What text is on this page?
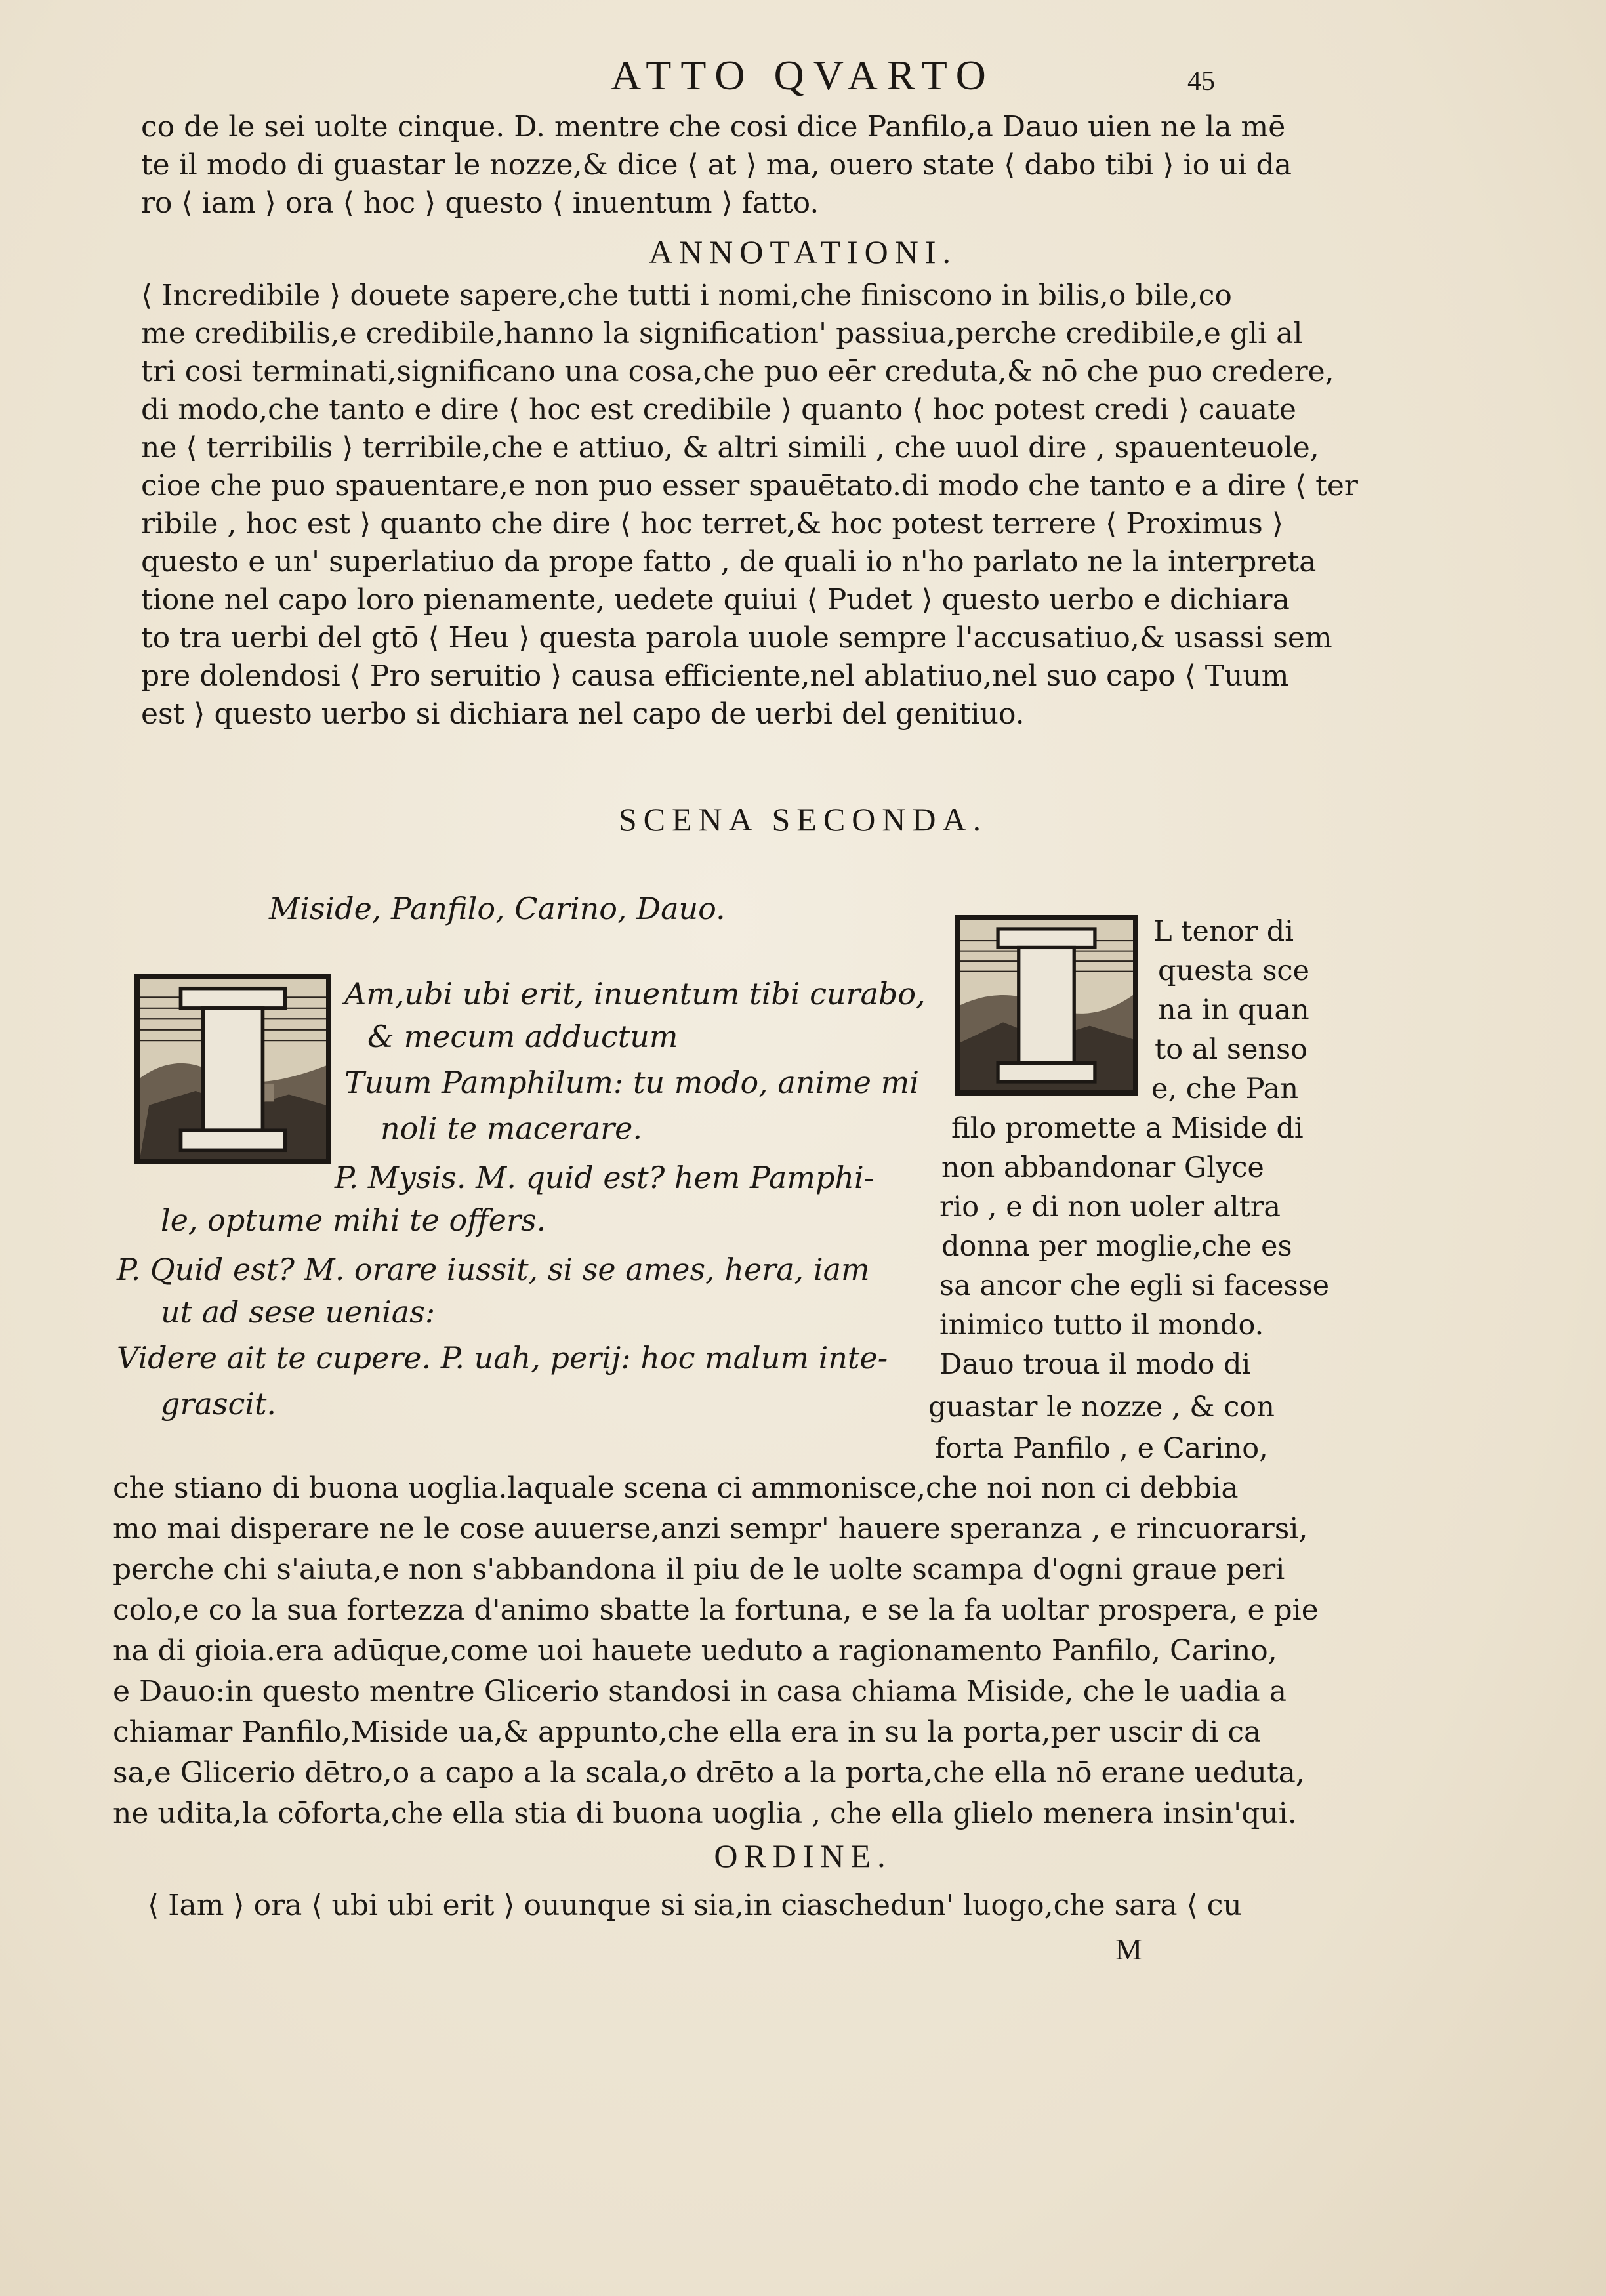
ATTO QVARTO	45
co de le sei uolte cinque. D. mentre che cosi dice Panfilo,a Dauo uien ne la mē
te il modo di guastar le nozze,& dice ⟨ at ⟩ ma, ouero state ⟨ dabo tibi ⟩ io ui da
ro ⟨ iam ⟩ ora ⟨ hoc ⟩ questo ⟨ inuentum ⟩ fatto.
ANNOTATIONI.
⟨ Incredibile ⟩ douete sapere,che tutti i nomi,che finiscono in bilis,o bile,co
me credibilis,e credibile,hanno la signification' passiua,perche credibile,e gli al
tri cosi terminati,significano una cosa,che puo eēr creduta,& nō che puo credere,
di modo,che tanto e dire ⟨ hoc est credibile ⟩ quanto ⟨ hoc potest credi ⟩ cauate
ne ⟨ terribilis ⟩ terribile,che e attiuo, & altri simili , che uuol dire , spauenteuole,
cioe che puo spauentare,e non puo esser spauētato.di modo che tanto e a dire ⟨ ter
ribile , hoc est ⟩ quanto che dire ⟨ hoc terret,& hoc potest terrere ⟨ Proximus ⟩
questo e un' superlatiuo da prope fatto , de quali io n'ho parlato ne la interpreta
tione nel capo loro pienamente, uedete quiui ⟨ Pudet ⟩ questo uerbo e dichiara
to tra uerbi del gtō ⟨ Heu ⟩ questa parola uuole sempre l'accusatiuo,& usassi sem
pre dolendosi ⟨ Pro seruitio ⟩ causa efficiente,nel ablatiuo,nel suo capo ⟨ Tuum
est ⟩ questo uerbo si dichiara nel capo de uerbi del genitiuo.
SCENA SECONDA.
Miside, Panfilo, Carino, Dauo.
Am,ubi ubi erit, inuentum tibi curabo,
& mecum adductum
Tuum Pamphilum: tu modo, anime mi
noli te macerare.
P. Mysis. M. quid est? hem Pamphi-
le, optume mihi te offers.
P. Quid est? M. orare iussit, si se ames, hera, iam
ut ad sese uenias:
Videre ait te cupere. P. uah, perij: hoc malum inte-
grascit.
L tenor di
questa sce
na in quan
to al senso
e, che Pan
filo promette a Miside di
non abbandonar Glyce
rio , e di non uoler altra
donna per moglie,che es
sa ancor che egli si facesse
inimico tutto il mondo.
Dauo troua il modo di
guastar le nozze , & con
forta Panfilo , e Carino,
che stiano di buona uoglia.laquale scena ci ammonisce,che noi non ci debbia
mo mai disperare ne le cose auuerse,anzi sempr' hauere speranza , e rincuorarsi,
perche chi s'aiuta,e non s'abbandona il piu de le uolte scampa d'ogni graue peri
colo,e co la sua fortezza d'animo sbatte la fortuna, e se la fa uoltar prospera, e pie
na di gioia.era adūque,come uoi hauete ueduto a ragionamento Panfilo, Carino,
e Dauo:in questo mentre Glicerio standosi in casa chiama Miside, che le uadia a
chiamar Panfilo,Miside ua,& appunto,che ella era in su la porta,per uscir di ca
sa,e Glicerio dētro,o a capo a la scala,o drēto a la porta,che ella nō erane ueduta,
ne udita,la cōforta,che ella stia di buona uoglia , che ella glielo menera insin'qui.
ORDINE.
⟨ Iam ⟩ ora ⟨ ubi ubi erit ⟩ ouunque si sia,in ciaschedun' luogo,che sara ⟨ cu
M
